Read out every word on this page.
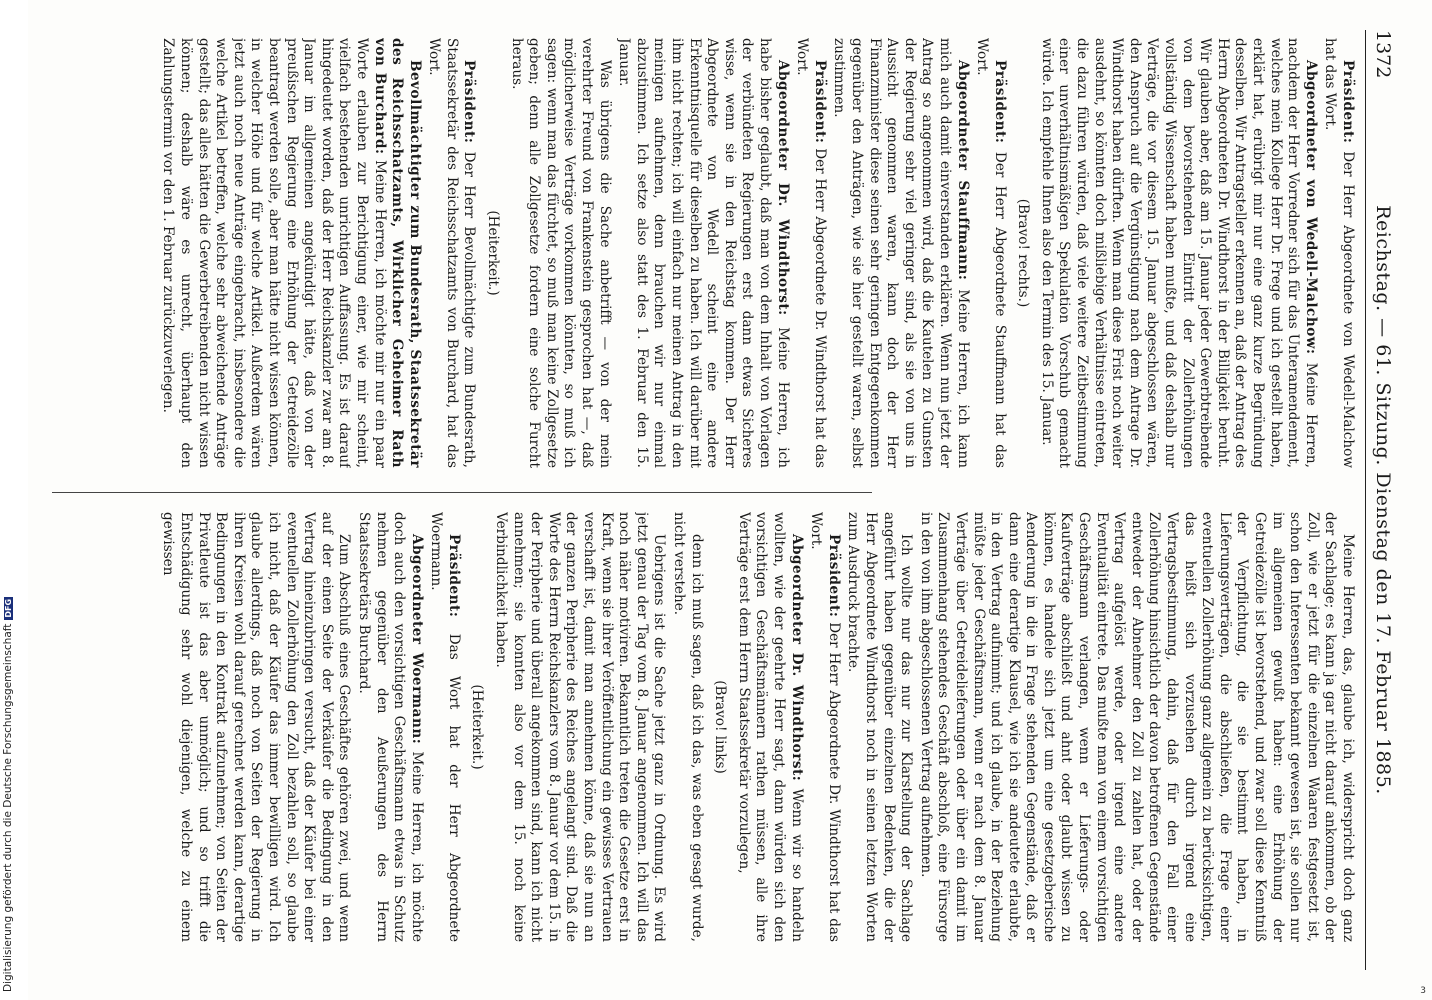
1372
Reichstag. — 61. Sitzung. Dienstag den 17. Februar 1885.

Präsident: Der Herr Abgeordnete von Wedell-Malchow hat das Wort.

Abgeordneter von Wedell-Malchow: Meine Herren, nachdem der Herr Vorredner sich für das Unteramendement, welches mein Kollege Herr Dr. Frege und ich gestellt haben, erklärt hat, erübrigt mir nur eine ganz kurze Begründung desselben. Wir Antragsteller erkennen an, daß der Antrag des Herrn Abgeordneten Dr. Windthorst in der Billigkeit beruht. Wir glauben aber, daß am 15. Januar jeder Gewerbtreibende von dem bevorstehenden Eintritt der Zollerhöhungen vollständig Wissenschaft haben mußte, und daß deshalb nur Verträge, die vor diesem 15. Januar abgeschlossen wären, den Anspruch auf die Vergünstigung nach dem Antrage Dr. Windthorst haben dürften. Wenn man diese Frist noch weiter ausdehnt, so könnten doch mißliebige Verhältnisse eintreten, die dazu führen würden, daß viele weitere Zeitbestimmung einer unverhältnismäßigen Spekulation Vorschub gemacht würde. Ich empfehle Ihnen also den Termin des 15. Januar.

(Bravo! rechts.)

Präsident: Der Herr Abgeordnete Stauffmann hat das Wort.

Abgeordneter Stauffmann: Meine Herren, ich kann mich auch damit einverstanden erklären. Wenn nun jetzt der Antrag so angenommen wird, daß die Kautelen zu Gunsten der Regierung sehr viel geringer sind, als sie von uns in Aussicht genommen waren, kann doch der Herr Finanzminister diese seinen sehr geringen Entgegenkommen gegenüber den Anträgen, wie sie hier gestellt waren, selbst zustimmen.

Präsident: Der Herr Abgeordnete Dr. Windthorst hat das Wort.

Abgeordneter Dr. Windthorst: Meine Herren, ich habe bisher geglaubt, daß man von dem Inhalt von Vorlagen der verbündeten Regierungen erst dann etwas Sicheres wisse, wenn sie in den Reichstag kommen. Der Herr Abgeordnete von Wedell scheint eine andere Erkenntnisquelle für dieselben zu haben. Ich will darüber mit ihm nicht rechten; ich will einfach nur meinen Antrag in den meinigen aufnehmen, denn brauchen wir nur einmal abzustimmen. Ich setze also statt des 1. Februar den 15. Januar.

Was übrigens die Sache anbetrifft — von der mein verehrter Freund von Frankenstein gesprochen hat —, daß möglicherweise Verträge vorkommen könnten, so muß ich sagen: wenn man das fürchtet, so muß man keine Zollgesetze geben; denn alle Zollgesetze fordern eine solche Furcht heraus.

(Heiterkeit.)

Präsident: Der Herr Bevollmächtigte zum Bundesrath, Staatssekretär des Reichsschatzamts von Burchard, hat das Wort.

Bevollmächtigter zum Bundesrath, Staatssekretär des Reichsschatzamts, Wirklicher Geheimer Rath von Burchard: Meine Herren, ich möchte mir nur ein paar Worte erlauben zur Berichtigung einer, wie mir scheint, vielfach bestehenden unrichtigen Auffassung. Es ist darauf hingedeutet worden, daß der Herr Reichskanzler zwar am 8. Januar im allgemeinen angekündigt hätte, daß von der preußischen Regierung eine Erhöhung der Getreidezölle beantragt werden solle, aber man hätte nicht wissen können, in welcher Höhe und für welche Artikel. Außerdem wären jetzt auch noch neue Anträge eingebracht, insbesondere die welche Artikel betreffen, welche sehr abweichende Anträge gestellt; das alles hätten die Gewerbetreibenden nicht wissen können; deshalb wäre es unrecht, überhaupt den Zahlungstermin vor den 1. Februar zurückzuverlegen.

Meine Herren, das, glaube ich, widerspricht doch ganz der Sachlage; es kann ja gar nicht darauf ankommen, ob der Zoll, wie er jetzt für die einzelnen Waaren festgesetzt ist, schon den Interessenten bekannt gewesen ist, sie sollen nur im allgemeinen gewußt haben: eine Erhöhung der Getreidezölle ist bevorstehend, und zwar soll diese Kenntniß der Verpflichtung, die sie bestimmt haben, in Lieferungsverträgen, die abschließen, die Frage einer eventuellen Zollerhöhung ganz allgemein zu berücksichtigen, das heißt sich vorzusehen durch irgend eine Vertragsbestimmung, dahin, daß für den Fall einer Zollerhöhung hinsichtlich der davon betroffenen Gegenstände entweder der Abnehmer den Zoll zu zahlen hat, oder der Vertrag aufgelöst werde, oder irgend eine andere Eventualität eintrete. Das mußte man von einem vorsichtigen Geschäftsmann verlangen, wenn er Lieferungs- oder Kaufverträge abschließt und ahnt oder glaubt wissen zu können, es handele sich jetzt um eine gesetzgeberische Aenderung in die in Frage stehenden Gegenstände, daß er dann eine derartige Klausel, wie ich sie andeutete erlaubte, in den Vertrag aufnimmt; und ich glaube, in der Beziehung müßte jeder Geschäftsmann, wenn er nach dem 8. Januar Verträge über Getreidelieferungen oder über ein damit im Zusammenhang stehendes Geschäft abschloß, eine Fürsorge in den von ihm abgeschlossenen Vertrag aufnehmen.

Ich wollte nur das nur zur Klarstellung der Sachlage angeführt haben gegenüber einzelnen Bedenken, die der Herr Abgeordnete Windthorst noch in seinen letzten Worten zum Ausdruck brachte.

Präsident: Der Herr Abgeordnete Dr. Windthorst hat das Wort.

Abgeordneter Dr. Windthorst: Wenn wir so handeln wollten, wie der geehrte Herr sagt, dann würden sich den vorsichtigen Geschäftsmännern rathen müssen, alle ihre Verträge erst dem Herrn Staatssekretär vorzulegen,

(Bravo! links)

denn ich muß sagen, daß ich das, was eben gesagt wurde, nicht verstehe.

Uebrigens ist die Sache jetzt ganz in Ordnung. Es wird jetzt genau der Tag vom 8. Januar angenommen. Ich will das noch näher motiviren. Bekanntlich treten die Gesetze erst in Kraft, wenn sie ihrer Veröffentlichung ein gewisses Vertrauen verschafft ist, damit man annehmen könne, daß sie nun an der ganzen Peripherie des Reiches angelangt sind. Daß die Worte des Herrn Reichskanzlers vom 8. Januar vor dem 15. in der Peripherie und überall angekommen sind, kann ich nicht annehmen; sie konnten also vor dem 15. noch keine Verbindlichkeit haben.

(Heiterkeit.)

Präsident: Das Wort hat der Herr Abgeordnete Woermann.

Abgeordneter Woermann: Meine Herren, ich möchte doch auch den vorsichtigen Geschäftsmann etwas in Schutz nehmen gegenüber den Aeußerungen des Herrn Staatssekretärs Burchard.

Zum Abschluß eines Geschäftes gehören zwei, und wenn auf der einen Seite der Verkäufer die Bedingung in den Vertrag hineinzubringen versucht, daß der Käufer bei einer eventuellen Zollerhöhung den Zoll bezahlen soll, so glaube ich nicht, daß der Käufer das immer bewilligen wird. Ich glaube allerdings, daß noch von Seiten der Regierung in ihren Kreisen wohl darauf gerechnet werden kann, derartige Bedingungen in den Kontrakt aufzunehmen; von Seiten der Privatleute ist das aber unmöglich; und so trifft die Entschädigung sehr wohl diejenigen, welche zu einem gewissen

Digitalisierung gefördert durch die Deutsche ForschungsgemeinschaftDFG
3
